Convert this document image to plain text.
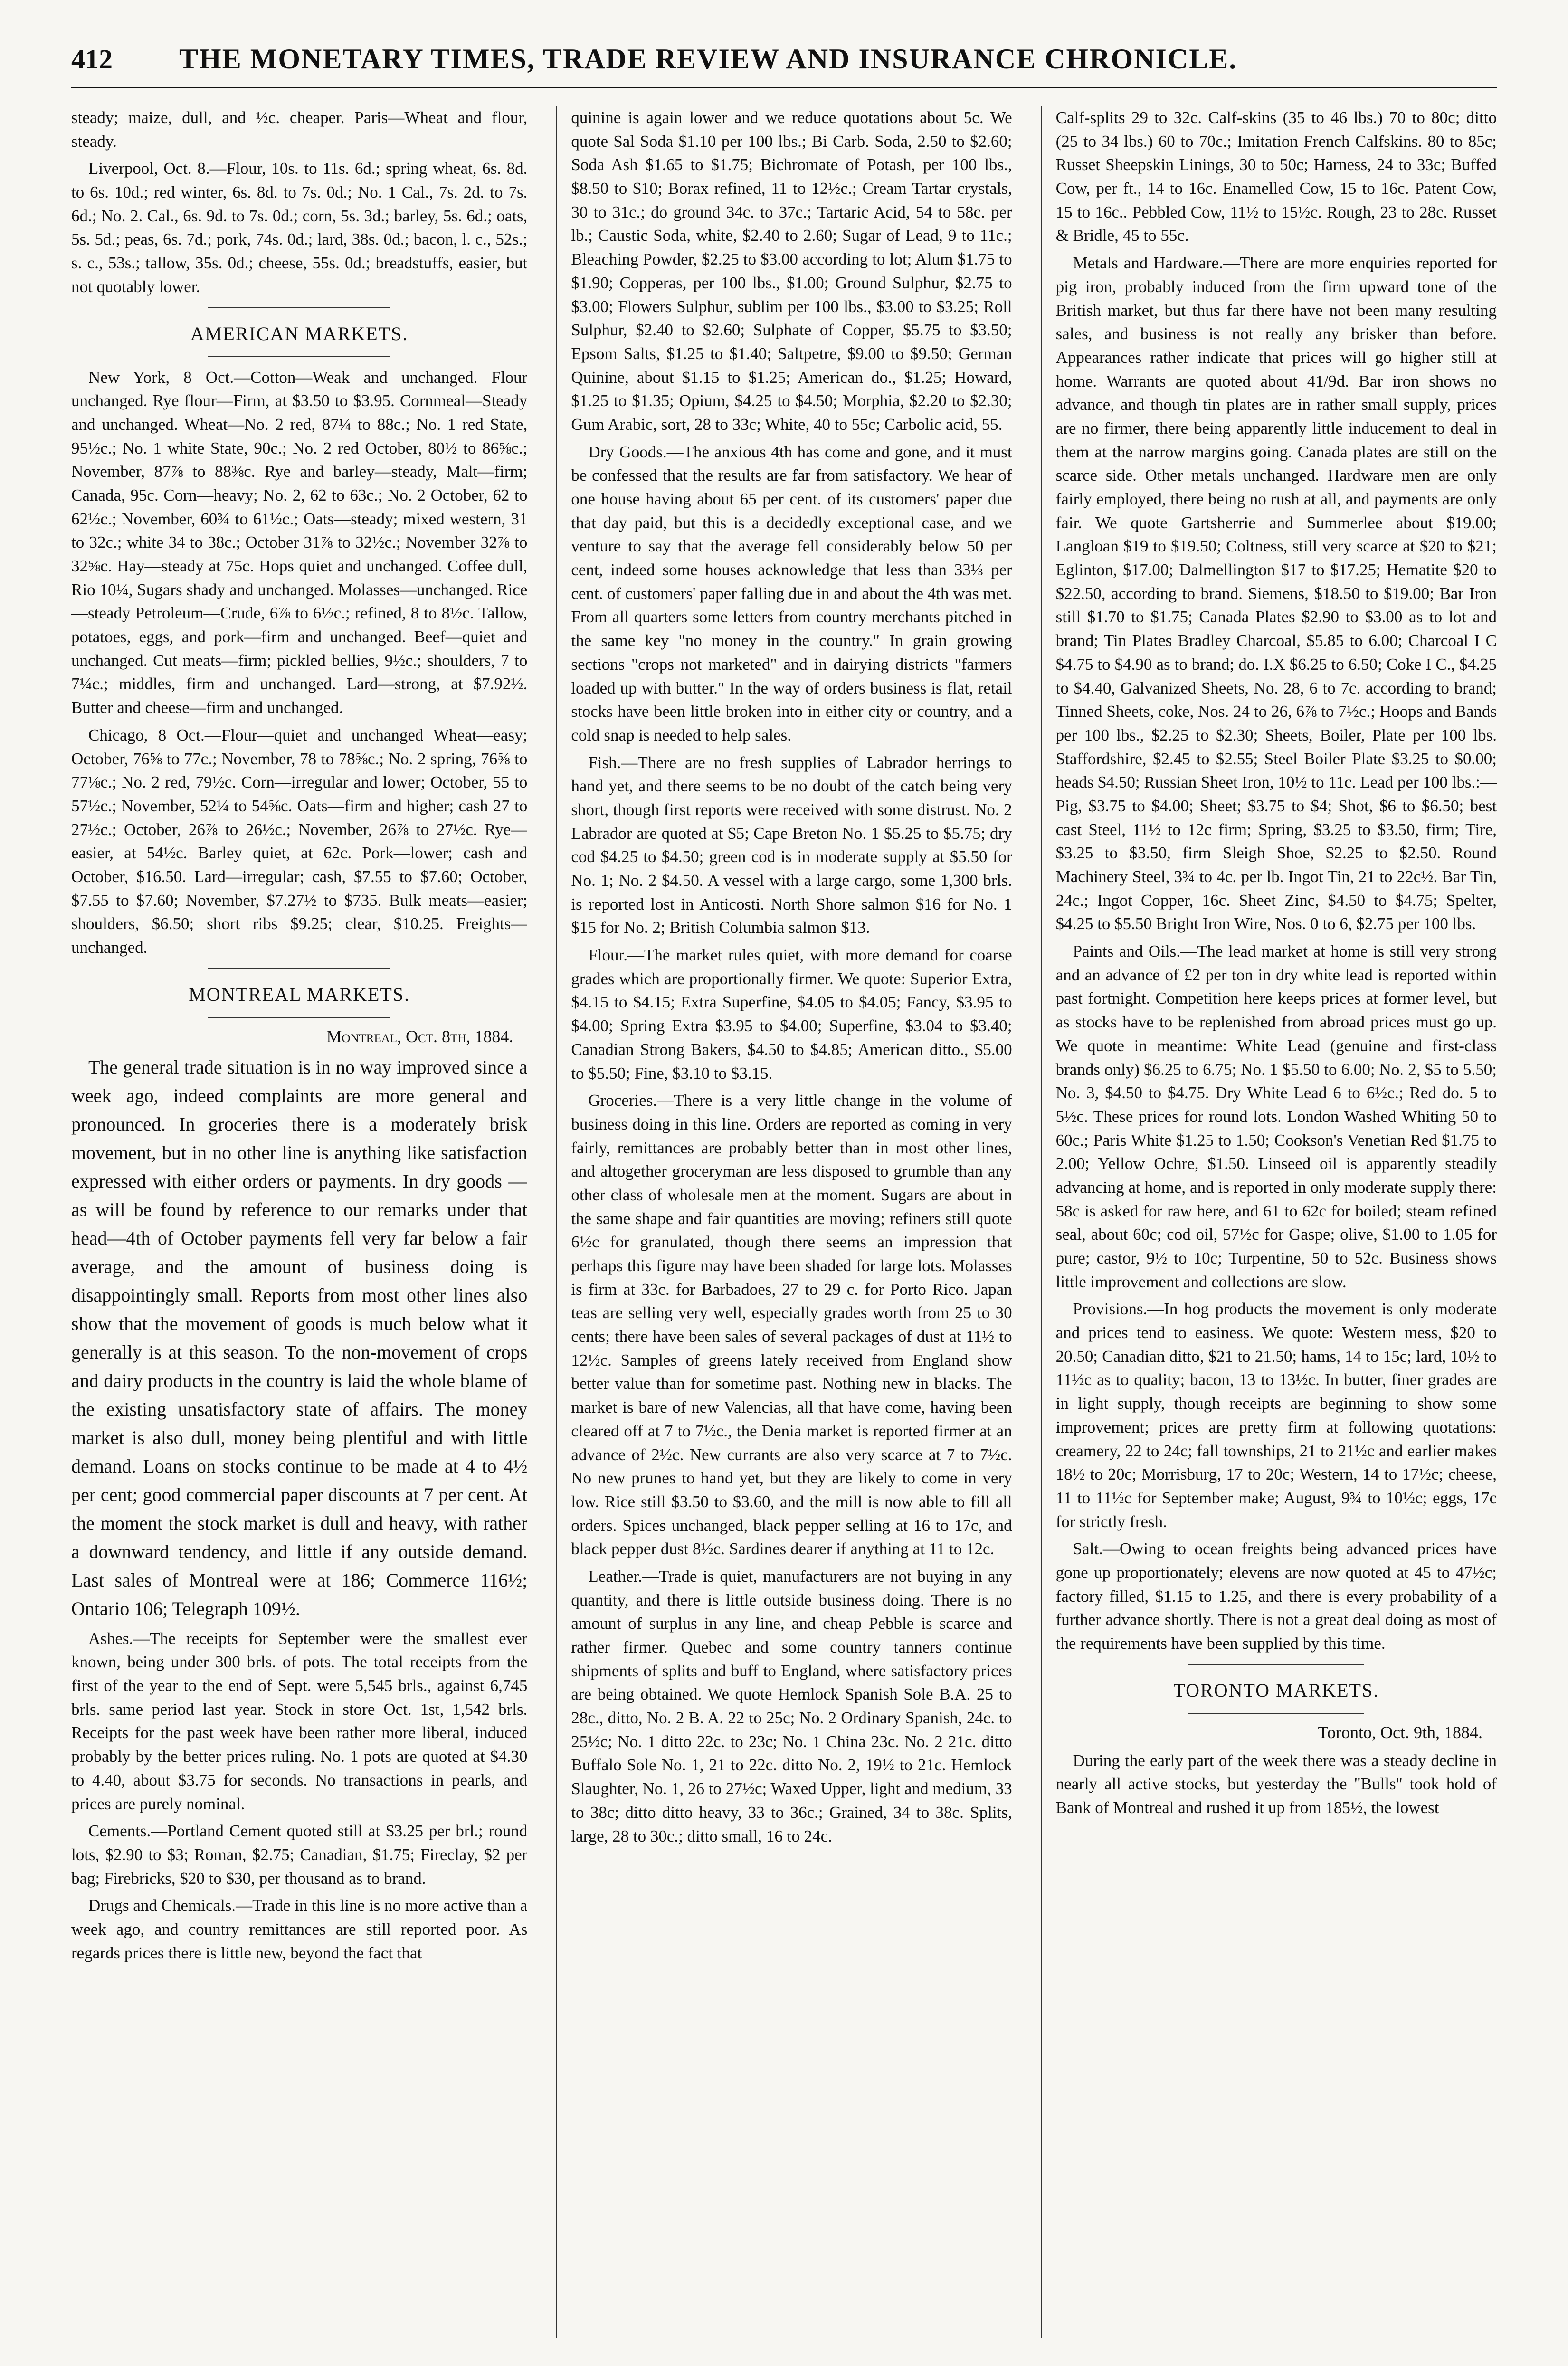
412 THE MONETARY TIMES, TRADE REVIEW AND INSURANCE CHRONICLE.

steady; maize, dull, and ½c. cheaper. Paris—Wheat and flour, steady.

Liverpool, Oct. 8.—Flour, 10s. to 11s. 6d.; spring wheat, 6s. 8d. to 6s. 10d.; red winter, 6s. 8d. to 7s. 0d.; No. 1 Cal., 7s. 2d. to 7s. 6d.; No. 2. Cal., 6s. 9d. to 7s. 0d.; corn, 5s. 3d.; barley, 5s. 6d.; oats, 5s. 5d.; peas, 6s. 7d.; pork, 74s. 0d.; lard, 38s. 0d.; bacon, l. c., 52s.; s. c., 53s.; tallow, 35s. 0d.; cheese, 55s. 0d.; breadstuffs, easier, but not quotably lower.

AMERICAN MARKETS.

New York, 8 Oct.—Cotton—Weak and unchanged. Flour unchanged. Rye flour—Firm, at $3.50 to $3.95. Cornmeal—Steady and unchanged. Wheat—No. 2 red, 87¼ to 88c.; No. 1 red State, 95½c.; No. 1 white State, 90c.; No. 2 red October, 80½ to 86⅝c.; November, 87⅞ to 88⅜c. Rye and barley—steady, Malt—firm; Canada, 95c. Corn—heavy; No. 2, 62 to 63c.; No. 2 October, 62 to 62½c.; November, 60¾ to 61½c.; Oats—steady; mixed western, 31 to 32c.; white 34 to 38c.; October 31⅞ to 32½c.; November 32⅞ to 32⅝c. Hay—steady at 75c. Hops quiet and unchanged. Coffee dull, Rio 10¼, Sugars shady and unchanged. Molasses—unchanged. Rice—steady Petroleum—Crude, 6⅞ to 6½c.; refined, 8 to 8½c. Tallow, potatoes, eggs, and pork—firm and unchanged. Beef—quiet and unchanged. Cut meats—firm; pickled bellies, 9½c.; shoulders, 7 to 7¼c.; middles, firm and unchanged. Lard—strong, at $7.92½. Butter and cheese—firm and unchanged.

Chicago, 8 Oct.—Flour—quiet and unchanged Wheat—easy; October, 76⅝ to 77c.; November, 78 to 78⅝c.; No. 2 spring, 76⅝ to 77⅛c.; No. 2 red, 79½c. Corn—irregular and lower; October, 55 to 57½c.; November, 52¼ to 54⅝c. Oats—firm and higher; cash 27 to 27½c.; October, 26⅞ to 26½c.; November, 26⅞ to 27½c. Rye—easier, at 54½c. Barley quiet, at 62c. Pork—lower; cash and October, $16.50. Lard—irregular; cash, $7.55 to $7.60; October, $7.55 to $7.60; November, $7.27½ to $735. Bulk meats—easier; shoulders, $6.50; short ribs $9.25; clear, $10.25. Freights—unchanged.

MONTREAL MARKETS.
Montreal, Oct. 8th, 1884.

The general trade situation is in no way improved since a week ago, indeed complaints are more general and pronounced. In groceries there is a moderately brisk movement, but in no other line is anything like satisfaction expressed with either orders or payments. In dry goods —as will be found by reference to our remarks under that head—4th of October payments fell very far below a fair average, and the amount of business doing is disappointingly small. Reports from most other lines also show that the movement of goods is much below what it generally is at this season. To the non-movement of crops and dairy products in the country is laid the whole blame of the existing unsatisfactory state of affairs. The money market is also dull, money being plentiful and with little demand. Loans on stocks continue to be made at 4 to 4½ per cent; good commercial paper discounts at 7 per cent. At the moment the stock market is dull and heavy, with rather a downward tendency, and little if any outside demand. Last sales of Montreal were at 186; Commerce 116½; Ontario 106; Telegraph 109½.

Ashes.—The receipts for September were the smallest ever known, being under 300 brls. of pots. The total receipts from the first of the year to the end of Sept. were 5,545 brls., against 6,745 brls. same period last year. Stock in store Oct. 1st, 1,542 brls. Receipts for the past week have been rather more liberal, induced probably by the better prices ruling. No. 1 pots are quoted at $4.30 to 4.40, about $3.75 for seconds. No transactions in pearls, and prices are purely nominal.

Cements.—Portland Cement quoted still at $3.25 per brl.; round lots, $2.90 to $3; Roman, $2.75; Canadian, $1.75; Fireclay, $2 per bag; Firebricks, $20 to $30, per thousand as to brand.

Drugs and Chemicals.—Trade in this line is no more active than a week ago, and country remittances are still reported poor. As regards prices there is little new, beyond the fact that

quinine is again lower and we reduce quotations about 5c. We quote Sal Soda $1.10 per 100 lbs.; Bi Carb. Soda, 2.50 to $2.60; Soda Ash $1.65 to $1.75; Bichromate of Potash, per 100 lbs., $8.50 to $10; Borax refined, 11 to 12½c.; Cream Tartar crystals, 30 to 31c.; do ground 34c. to 37c.; Tartaric Acid, 54 to 58c. per lb.; Caustic Soda, white, $2.40 to 2.60; Sugar of Lead, 9 to 11c.; Bleaching Powder, $2.25 to $3.00 according to lot; Alum $1.75 to $1.90; Copperas, per 100 lbs., $1.00; Ground Sulphur, $2.75 to $3.00; Flowers Sulphur, sublim per 100 lbs., $3.00 to $3.25; Roll Sulphur, $2.40 to $2.60; Sulphate of Copper, $5.75 to $3.50; Epsom Salts, $1.25 to $1.40; Saltpetre, $9.00 to $9.50; German Quinine, about $1.15 to $1.25; American do., $1.25; Howard, $1.25 to $1.35; Opium, $4.25 to $4.50; Morphia, $2.20 to $2.30; Gum Arabic, sort, 28 to 33c; White, 40 to 55c; Carbolic acid, 55.

Dry Goods.—The anxious 4th has come and gone, and it must be confessed that the results are far from satisfactory. We hear of one house having about 65 per cent. of its customers' paper due that day paid, but this is a decidedly exceptional case, and we venture to say that the average fell considerably below 50 per cent, indeed some houses acknowledge that less than 33⅓ per cent. of customers' paper falling due in and about the 4th was met. From all quarters some letters from country merchants pitched in the same key "no money in the country." In grain growing sections "crops not marketed" and in dairying districts "farmers loaded up with butter." In the way of orders business is flat, retail stocks have been little broken into in either city or country, and a cold snap is needed to help sales.

Fish.—There are no fresh supplies of Labrador herrings to hand yet, and there seems to be no doubt of the catch being very short, though first reports were received with some distrust. No. 2 Labrador are quoted at $5; Cape Breton No. 1 $5.25 to $5.75; dry cod $4.25 to $4.50; green cod is in moderate supply at $5.50 for No. 1; No. 2 $4.50. A vessel with a large cargo, some 1,300 brls. is reported lost in Anticosti. North Shore salmon $16 for No. 1 $15 for No. 2; British Columbia salmon $13.

Flour.—The market rules quiet, with more demand for coarse grades which are proportionally firmer. We quote: Superior Extra, $4.15 to $4.15; Extra Superfine, $4.05 to $4.05; Fancy, $3.95 to $4.00; Spring Extra $3.95 to $4.00; Superfine, $3.04 to $3.40; Canadian Strong Bakers, $4.50 to $4.85; American ditto., $5.00 to $5.50; Fine, $3.10 to $3.15.

Groceries.—There is a very little change in the volume of business doing in this line. Orders are reported as coming in very fairly, remittances are probably better than in most other lines, and altogether groceryman are less disposed to grumble than any other class of wholesale men at the moment. Sugars are about in the same shape and fair quantities are moving; refiners still quote 6½c for granulated, though there seems an impression that perhaps this figure may have been shaded for large lots. Molasses is firm at 33c. for Barbadoes, 27 to 29 c. for Porto Rico. Japan teas are selling very well, especially grades worth from 25 to 30 cents; there have been sales of several packages of dust at 11½ to 12½c. Samples of greens lately received from England show better value than for sometime past. Nothing new in blacks. The market is bare of new Valencias, all that have come, having been cleared off at 7 to 7½c., the Denia market is reported firmer at an advance of 2½c. New currants are also very scarce at 7 to 7½c. No new prunes to hand yet, but they are likely to come in very low. Rice still $3.50 to $3.60, and the mill is now able to fill all orders. Spices unchanged, black pepper selling at 16 to 17c, and black pepper dust 8½c. Sardines dearer if anything at 11 to 12c.

Leather.—Trade is quiet, manufacturers are not buying in any quantity, and there is little outside business doing. There is no amount of surplus in any line, and cheap Pebble is scarce and rather firmer. Quebec and some country tanners continue shipments of splits and buff to England, where satisfactory prices are being obtained. We quote Hemlock Spanish Sole B.A. 25 to 28c., ditto, No. 2 B. A. 22 to 25c; No. 2 Ordinary Spanish, 24c. to 25½c; No. 1 ditto 22c. to 23c; No. 1 China 23c. No. 2 21c. ditto Buffalo Sole No. 1, 21 to 22c. ditto No. 2, 19½ to 21c. Hemlock Slaughter, No. 1, 26 to 27½c; Waxed Upper, light and medium, 33 to 38c; ditto ditto heavy, 33 to 36c.; Grained, 34 to 38c. Splits, large, 28 to 30c.; ditto small, 16 to 24c.

Calf-splits 29 to 32c. Calf-skins (35 to 46 lbs.) 70 to 80c; ditto (25 to 34 lbs.) 60 to 70c.; Imitation French Calfskins. 80 to 85c; Russet Sheepskin Linings, 30 to 50c; Harness, 24 to 33c; Buffed Cow, per ft., 14 to 16c. Enamelled Cow, 15 to 16c. Patent Cow, 15 to 16c.. Pebbled Cow, 11½ to 15½c. Rough, 23 to 28c. Russet & Bridle, 45 to 55c.

Metals and Hardware.—There are more enquiries reported for pig iron, probably induced from the firm upward tone of the British market, but thus far there have not been many resulting sales, and business is not really any brisker than before. Appearances rather indicate that prices will go higher still at home. Warrants are quoted about 41/9d. Bar iron shows no advance, and though tin plates are in rather small supply, prices are no firmer, there being apparently little inducement to deal in them at the narrow margins going. Canada plates are still on the scarce side. Other metals unchanged. Hardware men are only fairly employed, there being no rush at all, and payments are only fair. We quote Gartsherrie and Summerlee about $19.00; Langloan $19 to $19.50; Coltness, still very scarce at $20 to $21; Eglinton, $17.00; Dalmellington $17 to $17.25; Hematite $20 to $22.50, according to brand. Siemens, $18.50 to $19.00; Bar Iron still $1.70 to $1.75; Canada Plates $2.90 to $3.00 as to lot and brand; Tin Plates Bradley Charcoal, $5.85 to 6.00; Charcoal I C $4.75 to $4.90 as to brand; do. I.X $6.25 to 6.50; Coke I C., $4.25 to $4.40, Galvanized Sheets, No. 28, 6 to 7c. according to brand; Tinned Sheets, coke, Nos. 24 to 26, 6⅞ to 7½c.; Hoops and Bands per 100 lbs., $2.25 to $2.30; Sheets, Boiler, Plate per 100 lbs. Staffordshire, $2.45 to $2.55; Steel Boiler Plate $3.25 to $0.00; heads $4.50; Russian Sheet Iron, 10½ to 11c. Lead per 100 lbs.:—Pig, $3.75 to $4.00; Sheet; $3.75 to $4; Shot, $6 to $6.50; best cast Steel, 11½ to 12c firm; Spring, $3.25 to $3.50, firm; Tire, $3.25 to $3.50, firm Sleigh Shoe, $2.25 to $2.50. Round Machinery Steel, 3¾ to 4c. per lb. Ingot Tin, 21 to 22c½. Bar Tin, 24c.; Ingot Copper, 16c. Sheet Zinc, $4.50 to $4.75; Spelter, $4.25 to $5.50 Bright Iron Wire, Nos. 0 to 6, $2.75 per 100 lbs.

Paints and Oils.—The lead market at home is still very strong and an advance of £2 per ton in dry white lead is reported within past fortnight. Competition here keeps prices at former level, but as stocks have to be replenished from abroad prices must go up. We quote in meantime: White Lead (genuine and first-class brands only) $6.25 to 6.75; No. 1 $5.50 to 6.00; No. 2, $5 to 5.50; No. 3, $4.50 to $4.75. Dry White Lead 6 to 6½c.; Red do. 5 to 5½c. These prices for round lots. London Washed Whiting 50 to 60c.; Paris White $1.25 to 1.50; Cookson's Venetian Red $1.75 to 2.00; Yellow Ochre, $1.50. Linseed oil is apparently steadily advancing at home, and is reported in only moderate supply there: 58c is asked for raw here, and 61 to 62c for boiled; steam refined seal, about 60c; cod oil, 57½c for Gaspe; olive, $1.00 to 1.05 for pure; castor, 9½ to 10c; Turpentine, 50 to 52c. Business shows little improvement and collections are slow.

Provisions.—In hog products the movement is only moderate and prices tend to easiness. We quote: Western mess, $20 to 20.50; Canadian ditto, $21 to 21.50; hams, 14 to 15c; lard, 10½ to 11½c as to quality; bacon, 13 to 13½c. In butter, finer grades are in light supply, though receipts are beginning to show some improvement; prices are pretty firm at following quotations: creamery, 22 to 24c; fall townships, 21 to 21½c and earlier makes 18½ to 20c; Morrisburg, 17 to 20c; Western, 14 to 17½c; cheese, 11 to 11½c for September make; August, 9¾ to 10½c; eggs, 17c for strictly fresh.

Salt.—Owing to ocean freights being advanced prices have gone up proportionately; elevens are now quoted at 45 to 47½c; factory filled, $1.15 to 1.25, and there is every probability of a further advance shortly. There is not a great deal doing as most of the requirements have been supplied by this time.

TORONTO MARKETS.
Toronto, Oct. 9th, 1884.

During the early part of the week there was a steady decline in nearly all active stocks, but yesterday the "Bulls" took hold of Bank of Montreal and rushed it up from 185½, the lowest
